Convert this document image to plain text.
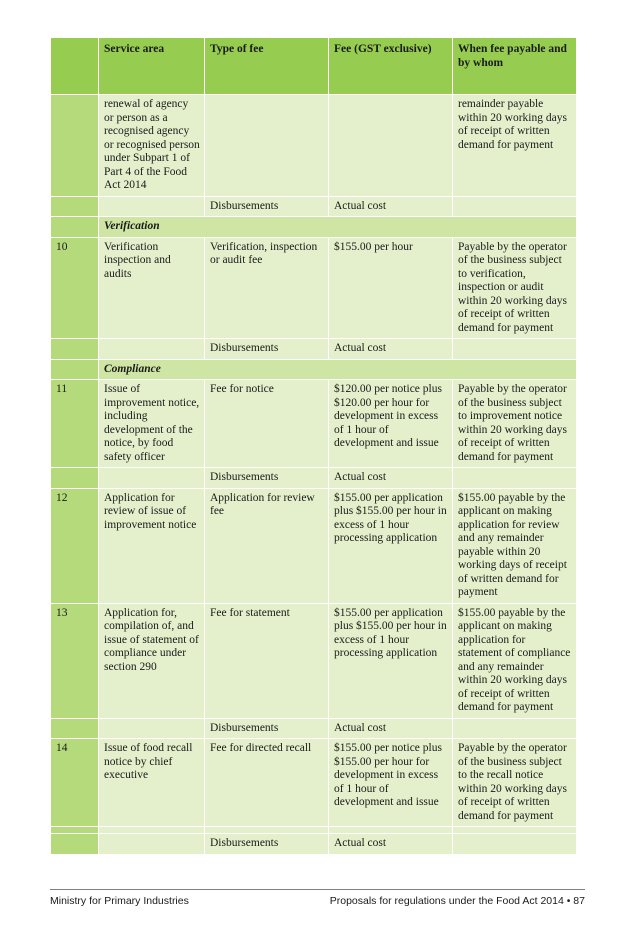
	Service area	Type of fee	Fee (GST exclusive)	When fee payable and by whom
	renewal of agency or person as a recognised agency or recognised person under Subpart 1 of Part 4 of the Food Act 2014			remainder payable within 20 working days of receipt of written demand for payment
		Disbursements	Actual cost	
	Verification			
10	Verification inspection and audits	Verification, inspection or audit fee	$155.00 per hour	Payable by the operator of the business subject to verification, inspection or audit within 20 working days of receipt of written demand for payment
		Disbursements	Actual cost	
	Compliance			
11	Issue of improvement notice, including development of the notice, by food safety officer	Fee for notice	$120.00 per notice plus $120.00 per hour for development in excess of 1 hour of development and issue	Payable by the operator of the business subject to improvement notice within 20 working days of receipt of written demand for payment
		Disbursements	Actual cost	
12	Application for review of issue of improvement notice	Application for review fee	$155.00 per application plus $155.00 per hour in excess of 1 hour processing application	$155.00 payable by the applicant on making application for review and any remainder payable within 20 working days of receipt of written demand for payment
13	Application for, compilation of, and issue of statement of compliance under section 290	Fee for statement	$155.00 per application plus $155.00 per hour in excess of 1 hour processing application	$155.00 payable by the applicant on making application for statement of compliance and any remainder within 20 working days of receipt of written demand for payment
		Disbursements	Actual cost	
14	Issue of food recall notice by chief executive	Fee for directed recall	$155.00 per notice plus $155.00 per hour for development in excess of 1 hour of development and issue	Payable by the operator of the business subject to the recall notice within 20 working days of receipt of written demand for payment

		Disbursements	Actual cost	
Ministry for Primary Industries	Proposals for regulations under the Food Act 2014 • 87
